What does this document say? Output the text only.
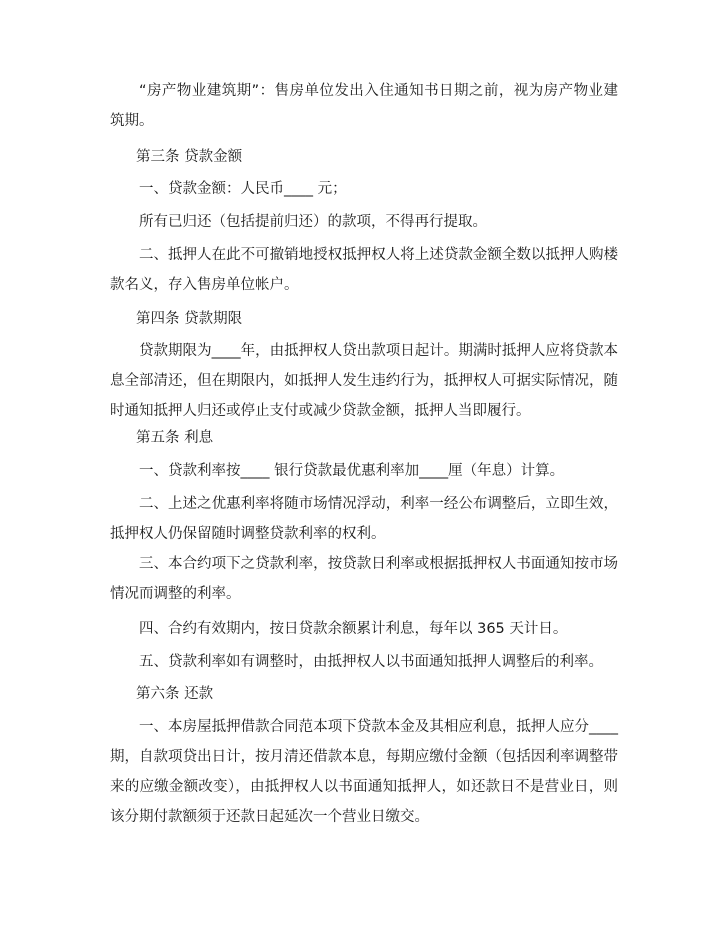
“房产物业建筑期”：售房单位发出入住通知书日期之前，视为房产物业建筑期。

第三条 贷款金额

一、贷款金额：人民币____ 元；

所有已归还（包括提前归还）的款项，不得再行提取。

二、抵押人在此不可撤销地授权抵押权人将上述贷款金额全数以抵押人购楼款名义，存入售房单位帐户。

第四条 贷款期限

贷款期限为____年，由抵押权人贷出款项日起计。期满时抵押人应将贷款本息全部清还，但在期限内，如抵押人发生违约行为，抵押权人可据实际情况，随时通知抵押人归还或停止支付或减少贷款金额，抵押人当即履行。

第五条 利息

一、贷款利率按____ 银行贷款最优惠利率加____厘（年息）计算。

二、上述之优惠利率将随市场情况浮动，利率一经公布调整后，立即生效，抵押权人仍保留随时调整贷款利率的权利。

三、本合约项下之贷款利率，按贷款日利率或根据抵押权人书面通知按市场情况而调整的利率。

四、合约有效期内，按日贷款余额累计利息，每年以 365 天计日。

五、贷款利率如有调整时，由抵押权人以书面通知抵押人调整后的利率。

第六条 还款

一、本房屋抵押借款合同范本项下贷款本金及其相应利息，抵押人应分____期，自款项贷出日计，按月清还借款本息，每期应缴付金额（包括因利率调整带来的应缴金额改变），由抵押权人以书面通知抵押人，如还款日不是营业日，则该分期付款额须于还款日起延次一个营业日缴交。
